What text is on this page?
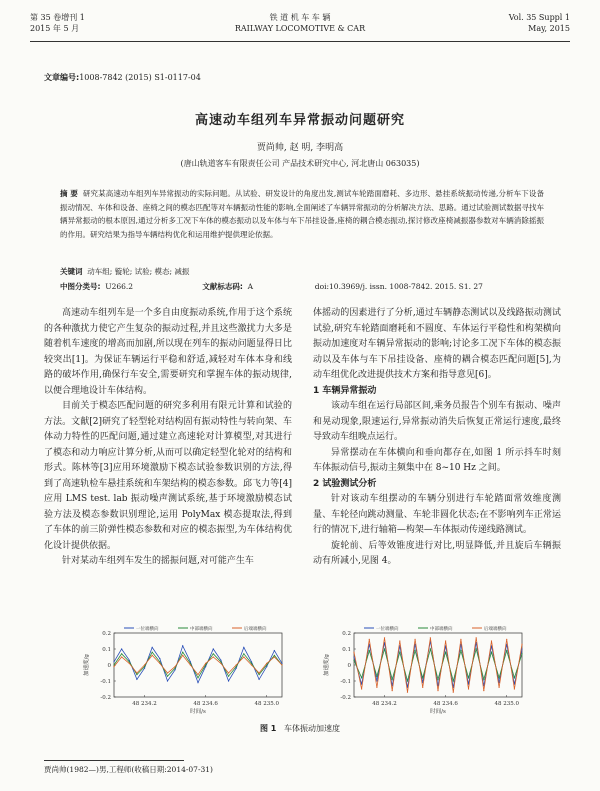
第 35 卷增刊 1
2015 年 5 月
铁 道 机 车 车 辆
RAILWAY LOCOMOTIVE & CAR
Vol. 35 Suppl 1
May, 2015
文章编号:1008-7842 (2015) S1-0117-04
高速动车组列车异常振动问题研究
贾尚帅, 赵 明, 李明高
(唐山轨道客车有限责任公司 产品技术研究中心, 河北唐山 063035)
摘 要 研究某高速动车组列车异常振动的实际问题。从试验、研发设计的角度出发,测试车轮踏面磨耗、多边形、悬挂系统振动传递,分析车下设备振动情况、车体和设备、座椅之间的模态匹配等对车辆振动性能的影响,全面阐述了车辆异常振动的分析解决方法、思路。通过试验测试数据寻找车辆异常振动的根本原因,通过分析多工况下车体的模态振动以及车体与车下吊挂设备,座椅的耦合模态振动,探讨修改座椅减振器参数对车辆消除摇振的作用。研究结果为指导车辆结构优化和运用维护提供理论依据。
关键词 动车组; 镟轮; 试验; 模态; 减振
中图分类号: U266.2	文献标志码: A	doi:10.3969/j. issn. 1008-7842. 2015. S1. 27

高速动车组列车是一个多自由度振动系统,作用于这个系统的各种激扰力使它产生复杂的振动过程,并且这些激扰力大多是随着机车速度的增高而加剧,所以现在列车的振动问题显得日比较突出[1]。为保证车辆运行平稳和舒适,减轻对车体本身和线路的破坏作用,确保行车安全,需要研究和掌握车体的振动规律,以便合理地设计车体结构。

目前关于模态匹配问题的研究多利用有限元计算和试验的方法。文献[2]研究了轻型轮对结构固有振动特性与转向架、车体动力特性的匹配问题,通过建立高速轮对计算模型,对其进行了模态和动力响应计算分析,从而可以确定轻型化轮对的结构和形式。陈林等[3]应用环境激励下模态试验参数识别的方法,得到了高速轨检车悬挂系统和车架结构的模态参数。邱飞力等[4]应用 LMS test. lab 振动噪声测试系统,基于环境激励模态试验方法及模态参数识别理论,运用 PolyMax 模态提取法,得到了车体的前三阶弹性模态参数和对应的模态振型,为车体结构优化设计提供依据。

针对某动车组列车发生的摇振问题,对可能产生车

体摇动的因素进行了分析,通过车辆静态测试以及线路振动测试试验,研究车轮踏面磨耗和不圆度、车体运行平稳性和构架横向振动加速度对车辆异常振动的影响;讨论多工况下车体的模态振动以及车体与车下吊挂设备、座椅的耦合模态匹配问题[5],为动车组优化改进提供技术方案和指导意见[6]。

1 车辆异常振动

该动车组在运行局部区间,乘务员报告个别车有振动、噪声和晃动现象,限速运行,异常振动消失后恢复正常运行速度,最终导致动车组晚点运行。

异常摆动在车体横向和垂向都存在,如图 1 所示抖车时刻车体振动信号,振动主频集中在 8~10 Hz 之间。

2 试验测试分析

针对该动车组摆动的车辆分别进行车轮踏面常效维度测量、车轮径向跳动测量、车轮非圆化状态;在不影响列车正常运行的情况下,进行轴箱—构架—车体振动传递线路测试。

旋轮前、后等效锥度进行对比,明显降低,并且旋后车辆振动有所减小,见图 4。

一位端横向	中部端横向	后端端横向
0.2
0.1
0
-0.1
-0.2
48 234.2	48 234.6	48 235.0
加速度/g
时间/s
一位端横向	中部端横向	后端端横向
0.2
0.1
0
-0.1
-0.2
48 234.2	48 234.6	48 235.0
加速度/g
时间/s
图 1 车体振动加速度
贾尚帅(1982—)男,工程师(收稿日期:2014-07-31)
